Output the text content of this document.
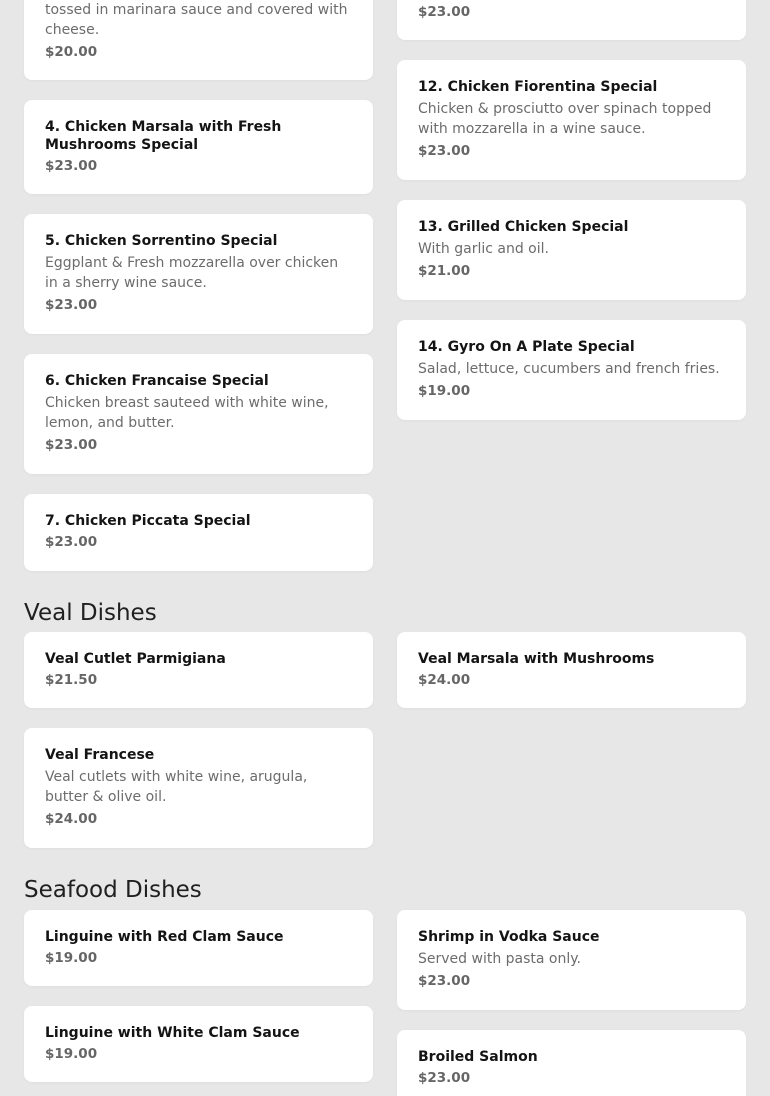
tossed in marinara sauce and covered with cheese.
$20.00
$23.00
4. Chicken Marsala with Fresh Mushrooms Special
$23.00
5. Chicken Sorrentino Special
Eggplant & Fresh mozzarella over chicken in a sherry wine sauce.
$23.00
6. Chicken Francaise Special
Chicken breast sauteed with white wine, lemon, and butter.
$23.00
7. Chicken Piccata Special
$23.00
12. Chicken Fiorentina Special
Chicken & prosciutto over spinach topped with mozzarella in a wine sauce.
$23.00
13. Grilled Chicken Special
With garlic and oil.
$21.00
14. Gyro On A Plate Special
Salad, lettuce, cucumbers and french fries.
$19.00
Veal Dishes
Veal Cutlet Parmigiana
$21.50
Veal Francese
Veal cutlets with white wine, arugula, butter & olive oil.
$24.00
Veal Marsala with Mushrooms
$24.00
Seafood Dishes
Linguine with Red Clam Sauce
$19.00
Linguine with White Clam Sauce
$19.00
Shrimp in Vodka Sauce
Served with pasta only.
$23.00
Broiled Salmon
$23.00
